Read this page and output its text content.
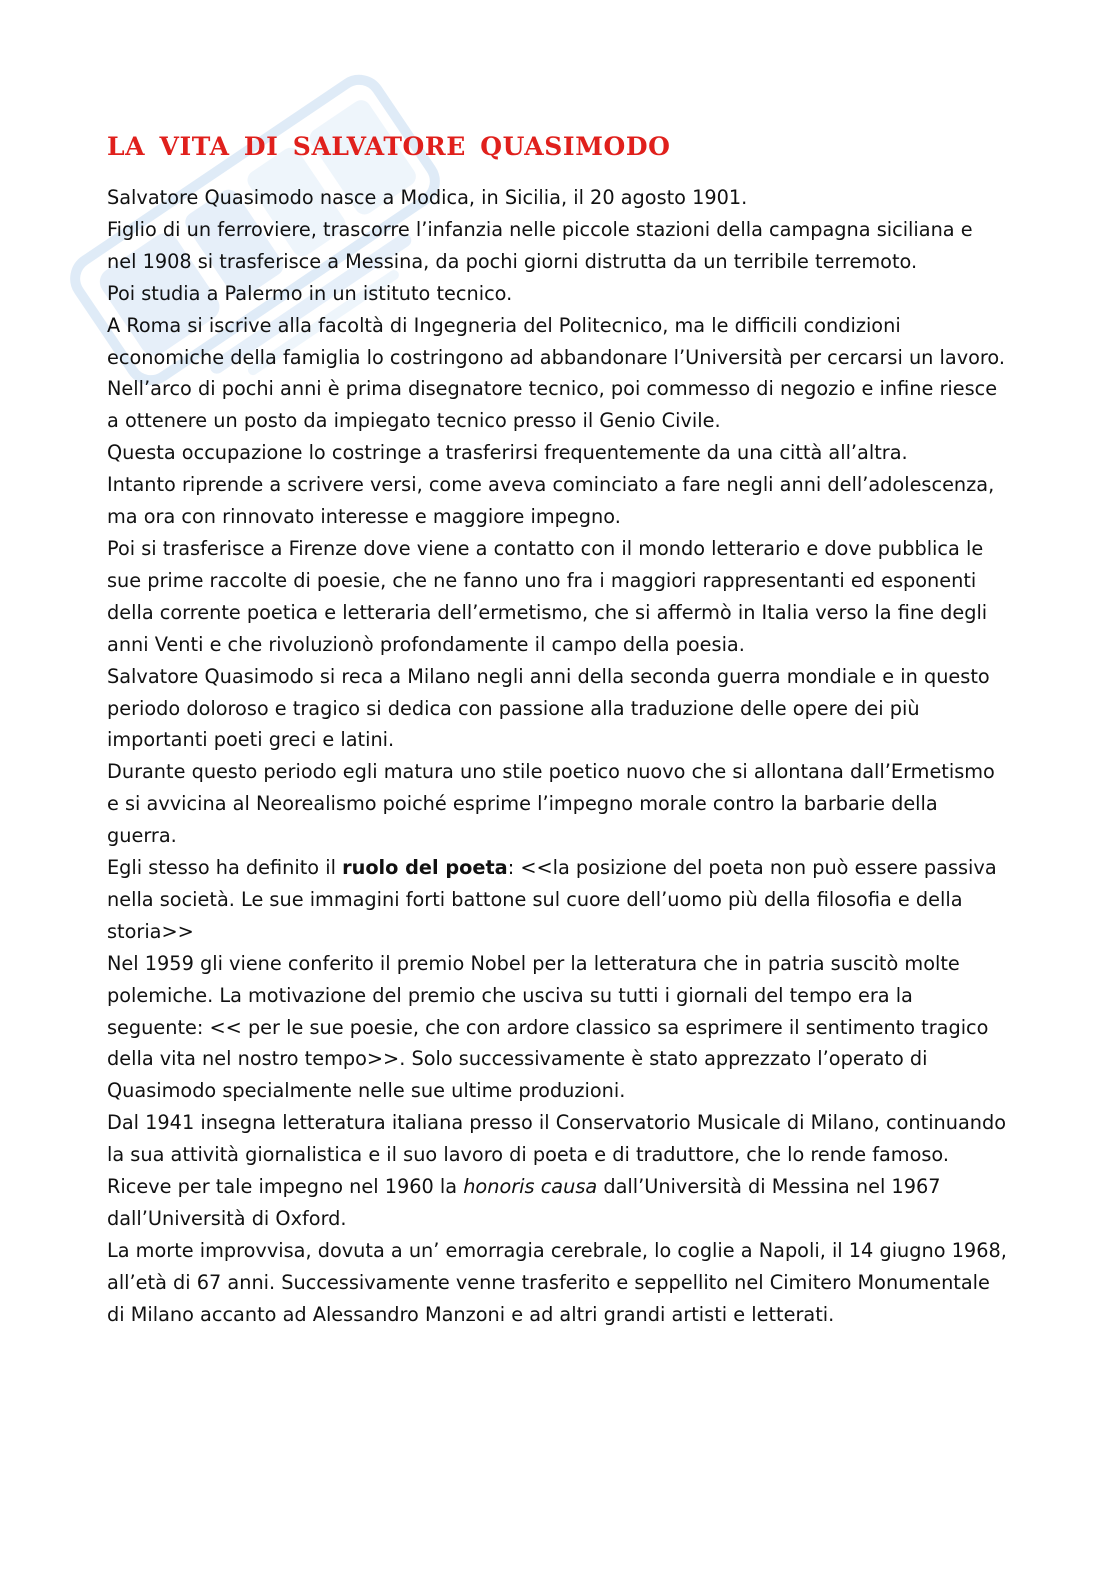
LA VITA DI SALVATORE QUASIMODO

Salvatore Quasimodo nasce a Modica, in Sicilia, il 20 agosto 1901.

Figlio di un ferroviere, trascorre l’infanzia nelle piccole stazioni della campagna siciliana e nel 1908 si trasferisce a Messina, da pochi giorni distrutta da un terribile terremoto.

Poi studia a Palermo in un istituto tecnico.

A Roma si iscrive alla facoltà di Ingegneria del Politecnico, ma le difficili condizioni economiche della famiglia lo costringono ad abbandonare l’Università per cercarsi un lavoro.

Nell’arco di pochi anni è prima disegnatore tecnico, poi commesso di negozio e infine riesce a ottenere un posto da impiegato tecnico presso il Genio Civile.

Questa occupazione lo costringe a trasferirsi frequentemente da una città all’altra.

Intanto riprende a scrivere versi, come aveva cominciato a fare negli anni dell’adolescenza, ma ora con rinnovato interesse e maggiore impegno.

Poi si trasferisce a Firenze dove viene a contatto con il mondo letterario e dove pubblica le sue prime raccolte di poesie, che ne fanno uno fra i maggiori rappresentanti ed esponenti della corrente poetica e letteraria dell’ermetismo, che si affermò in Italia verso la fine degli anni Venti e che rivoluzionò profondamente il campo della poesia.

Salvatore Quasimodo si reca a Milano negli anni della seconda guerra mondiale e in questo periodo doloroso e tragico si dedica con passione alla traduzione delle opere dei più importanti poeti greci e latini.

Durante questo periodo egli matura uno stile poetico nuovo che si allontana dall’Ermetismo e si avvicina al Neorealismo poiché esprime l’impegno morale contro la barbarie della guerra.

Egli stesso ha definito il ruolo del poeta: <<la posizione del poeta non può essere passiva nella società. Le sue immagini forti battone sul cuore dell’uomo più della filosofia e della storia>>

Nel 1959 gli viene conferito il premio Nobel per la letteratura che in patria suscitò molte polemiche. La motivazione del premio che usciva su tutti i giornali del tempo era la seguente: << per le sue poesie, che con ardore classico sa esprimere il sentimento tragico della vita nel nostro tempo>>. Solo successivamente è stato apprezzato l’operato di Quasimodo specialmente nelle sue ultime produzioni.

Dal 1941 insegna letteratura italiana presso il Conservatorio Musicale di Milano, continuando la sua attività giornalistica e il suo lavoro di poeta e di traduttore, che lo rende famoso. Riceve per tale impegno nel 1960 la honoris causa dall’Università di Messina nel 1967 dall’Università di Oxford.

La morte improvvisa, dovuta a un’ emorragia cerebrale, lo coglie a Napoli, il 14 giugno 1968, all’età di 67 anni. Successivamente venne trasferito e seppellito nel Cimitero Monumentale di Milano accanto ad Alessandro Manzoni e ad altri grandi artisti e letterati.
